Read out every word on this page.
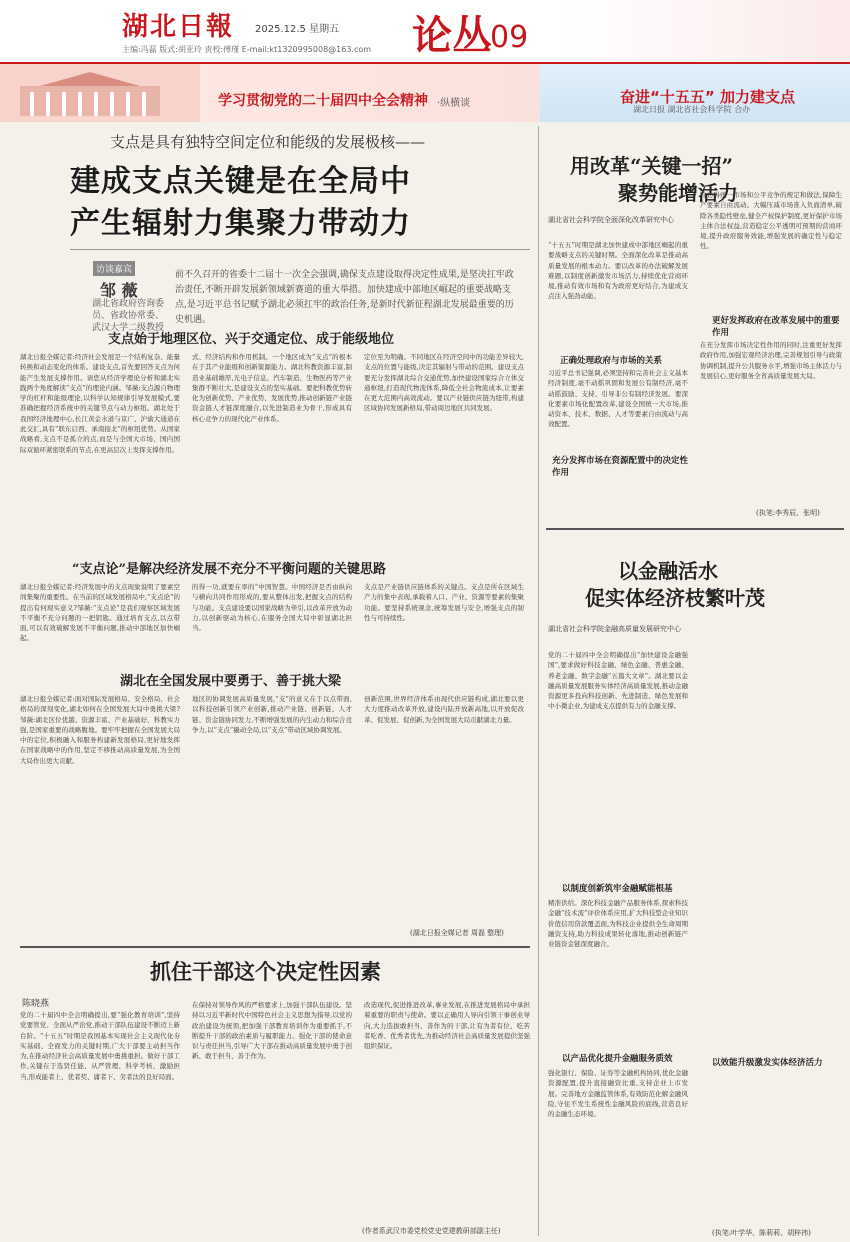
湖北日報 2025.12.5 星期五
主编:冯磊 版式:胡亚玲 责校:傅瑾 E-mail:kt1320995008@163.com 论丛
09
学习贯彻党的二十届四中全会精神 ·纵横谈	奋进“十五五” 加力建支点
湖北日报 湖北省社会科学院 合办
支点是具有独特空间定位和能级的发展极核——
建成支点关键是在全局中
产生辐射力集聚力带动力
访谈嘉宾
邹 薇
湖北省政府咨询委员、省政协常委、武汉大学二级教授
前不久召开的省委十二届十一次全会强调,确保支点建设取得决定性成果,是坚决扛牢政治责任,不断开辟发展新领域新赛道的重大举措。加快建成中部地区崛起的重要战略支点,是习近平总书记赋予湖北必须扛牢的政治任务,是新时代新征程湖北发展最重要的历史机遇。
支点始于地理区位、兴于交通定位、成于能级地位
湖北日报全媒记者:经济社会发展是一个结构复杂、能量转换和动态变化的体系。建设支点,首先要回答支点为何能产生发展支撑作用。请您从经济学理论分析和湖北实践两个角度解读“支点”的理论内涵。邹薇:支点源自物理学的杠杆和能级理论,以科学认知规律引导发展模式,要准确把握经济系统中的关键节点与动力枢纽。湖北处于我国经济地理中心,长江黄金水道与京广、沪渝大通道在此交汇,具有“联东启西、承南接北”的枢纽优势。从国家战略看,支点不是孤立的点,而是与全国大市场、国内国际双循环紧密联系的节点,在更高层次上发挥支撑作用。
式、经济结构和作用机制。一个地区成为“支点”的根本在于其产业能级和创新策源能力。湖北科教资源丰富,制造业基础雄厚,光电子信息、汽车制造、生物医药等产业集群不断壮大,是建设支点的坚实基础。要把科教优势转化为创新优势、产业优势、发展优势,推动创新链产业链资金链人才链深度融合,以先进制造业为骨干,形成具有核心竞争力的现代化产业体系。
定位至为明确。不同地区在经济空间中的功能差异较大,支点的位置与能级,决定其辐射与带动的范围。建设支点要充分发挥湖北综合交通优势,加快建设国家综合立体交通枢纽,打造现代物流体系,降低全社会物流成本,让要素在更大范围内高效流动。要以产业链供应链为纽带,构建区域协同发展新格局,带动周边地区共同发展。
“支点论”是解决经济发展不充分不平衡问题的关键思路
湖北日报全媒记者:经济发展中的支点现象说明了要素空间集聚的重要性。在当前的区域发展格局中,“支点论”的提出有何现实意义?邹薇:“支点论”是我们观察区域发展不平衡不充分问题的一把钥匙。通过培育支点,以点带面,可以有效破解发展不平衡问题,推动中部地区加快崛起。
的得一功,就要在率的“中国智慧。中国经济是否由纵向与横向共同作用形成的,要从整体出发,把握支点的结构与功能。支点建设要以国家战略为牵引,以改革开放为动力,以创新驱动为核心,在服务全国大局中彰显湖北担当。
支点是产业链供应链体系的关键点。支点是所在区域生产力的集中表现,承载着人口、产业、资源等要素的集聚功能。要坚持系统观念,统筹发展与安全,增强支点的韧性与可持续性。
湖北在全国发展中要勇于、善于挑大梁
湖北日报全媒记者:面对国际发展格局、安全格局、社会格局的深刻变化,湖北如何在全国发展大局中勇挑大梁?邹薇:湖北区位优越、资源丰富、产业基础好、科教实力强,是国家重要的战略腹地。要牢牢把握在全国发展大局中的定位,积极融入和服务构建新发展格局,更好地发挥在国家战略中的作用,坚定不移推动高质量发展,为全国大局作出更大贡献。
地区的协调发展高质量发展,“支”的意义在于以点带面,以科技创新引领产业创新,推动产业链、创新链、人才链、资金链协同发力,不断增强发展的内生动力和综合竞争力,以“支点”撬动全局,以“支点”带动区域协调发展。
创新范围,世界经济体系由现代供应链构成,湖北要以更大力度推动改革开放,建设内陆开放新高地,以开放促改革、促发展、促创新,为全国发展大局贡献湖北力量。
(湖北日报全媒记者 周磊 整理)
抓住干部这个决定性因素
陈晓燕
党的二十届四中全会明确提出,要“强化教育培训”,坚持党要管党、全面从严治党,推动干部队伍建设不断迈上新台阶。“十五五”时期是我国基本实现社会主义现代化夯实基础、全面发力的关键时期,广大干部要主动担当作为,在推动经济社会高质量发展中勇挑重担。做好干部工作,关键在于选贤任能、从严管理、科学考核、激励担当,形成能者上、优者奖、庸者下、劣者汰的良好局面。
在保持对领导作风的严格要求上,加强干部队伍建设。坚持以习近平新时代中国特色社会主义思想为指导,以党的政治建设为统领,把加强干部教育培训作为重要抓手,不断提升干部的政治素质与履职能力。强化干部的使命意识与责任担当,引导广大干部在推动高质量发展中勇于创新、敢于担当、善于作为。
改造现代,促进推进改革,事业发展,在推进发展格局中承担着重要的职责与使命。要以正确用人导向引领干事创业导向,大力选拔敢担当、善作为的干部,让有为者有位、吃苦者吃香、优秀者优先,为推动经济社会高质量发展提供坚强组织保证。
(作者系武汉市委党校党史党建教研部副主任)
用改革“关键一招”
聚势能增活力
湖北省社会科学院全面深化改革研究中心
“十五五”时期是湖北加快建成中部地区崛起的重要战略支点的关键时期。全面深化改革是推动高质量发展的根本动力。要以改革的办法破解发展难题,以制度创新激发市场活力,持续优化营商环境,推动有效市场和有为政府更好结合,为建成支点注入强劲动能。
正确处理政府与市场的关系
习近平总书记强调,必须坚持和完善社会主义基本经济制度,毫不动摇巩固和发展公有制经济,毫不动摇鼓励、支持、引导非公有制经济发展。要深化要素市场化配置改革,建设全国统一大市场,推动资本、技术、数据、人才等要素自由流动与高效配置。
充分发挥市场在资源配置中的决定性作用
除妨碍统一市场和公平竞争的规定和做法,保障生产要素自由流动。大幅压减市场准入负面清单,破除各类隐性壁垒,健全产权保护制度,更好保护市场主体合法权益,营造稳定公平透明可预期的营商环境,提升政府服务效能,增强发展的确定性与稳定性。
更好发挥政府在改革发展中的重要作用
在充分发挥市场决定性作用的同时,注重更好发挥政府作用,加强宏观经济治理,完善规划引导与政策协调机制,提升公共服务水平,增强市场主体活力与发展信心,更好服务全省高质量发展大局。
(执笔:李秀辰、张明)
以金融活水
促实体经济枝繁叶茂
湖北省社会科学院金融高质量发展研究中心
党的二十届四中全会明确提出“加快建设金融强国”,要求做好科技金融、绿色金融、普惠金融、养老金融、数字金融“五篇大文章”。湖北要以金融高质量发展服务实体经济高质量发展,推动金融资源更多投向科技创新、先进制造、绿色发展和中小微企业,为建成支点提供有力的金融支撑。
以制度创新筑牢金融赋能根基
精准供给。深化科技金融产品服务体系,探索科技金融“技术流”评价体系应用,扩大科技型企业知识价值信用贷款覆盖面,为科技企业提供全生命周期融资支持,助力科技成果转化落地,推动创新链产业链资金链深度融合。
以产品优化提升金融服务质效
强化银行、保险、证券等金融机构协同,优化金融资源配置,提升直接融资比重,支持企业上市发展。完善地方金融监管体系,有效防范化解金融风险,守住不发生系统性金融风险的底线,营造良好的金融生态环境。
以效能升级激发实体经济活力
(执笔:叶学华、陈莉莉、胡梓祎)
